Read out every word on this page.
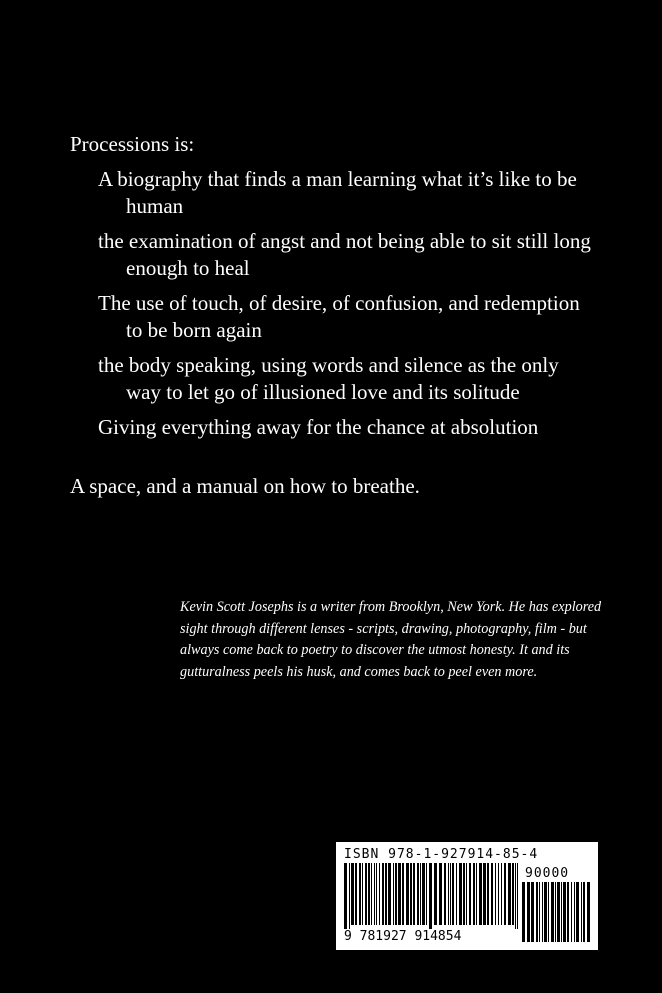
Processions is:
A biography that finds a man learning what it’s like to be human
the examination of angst and not being able to sit still long enough to heal
The use of touch, of desire, of confusion, and redemption to be born again
the body speaking, using words and silence as the only way to let go of illusioned love and its solitude
Giving everything away for the chance at absolution
A space, and a manual on how to breathe.

Kevin Scott Josephs is a writer from Brooklyn, New York. He has explored sight through different lenses - scripts, drawing, photography, film - but always come back to poetry to discover the utmost honesty. It and its gutturalness peels his husk, and comes back to peel even more.

ISBN 978-1-927914-85-4
90000
9 781927 914854
